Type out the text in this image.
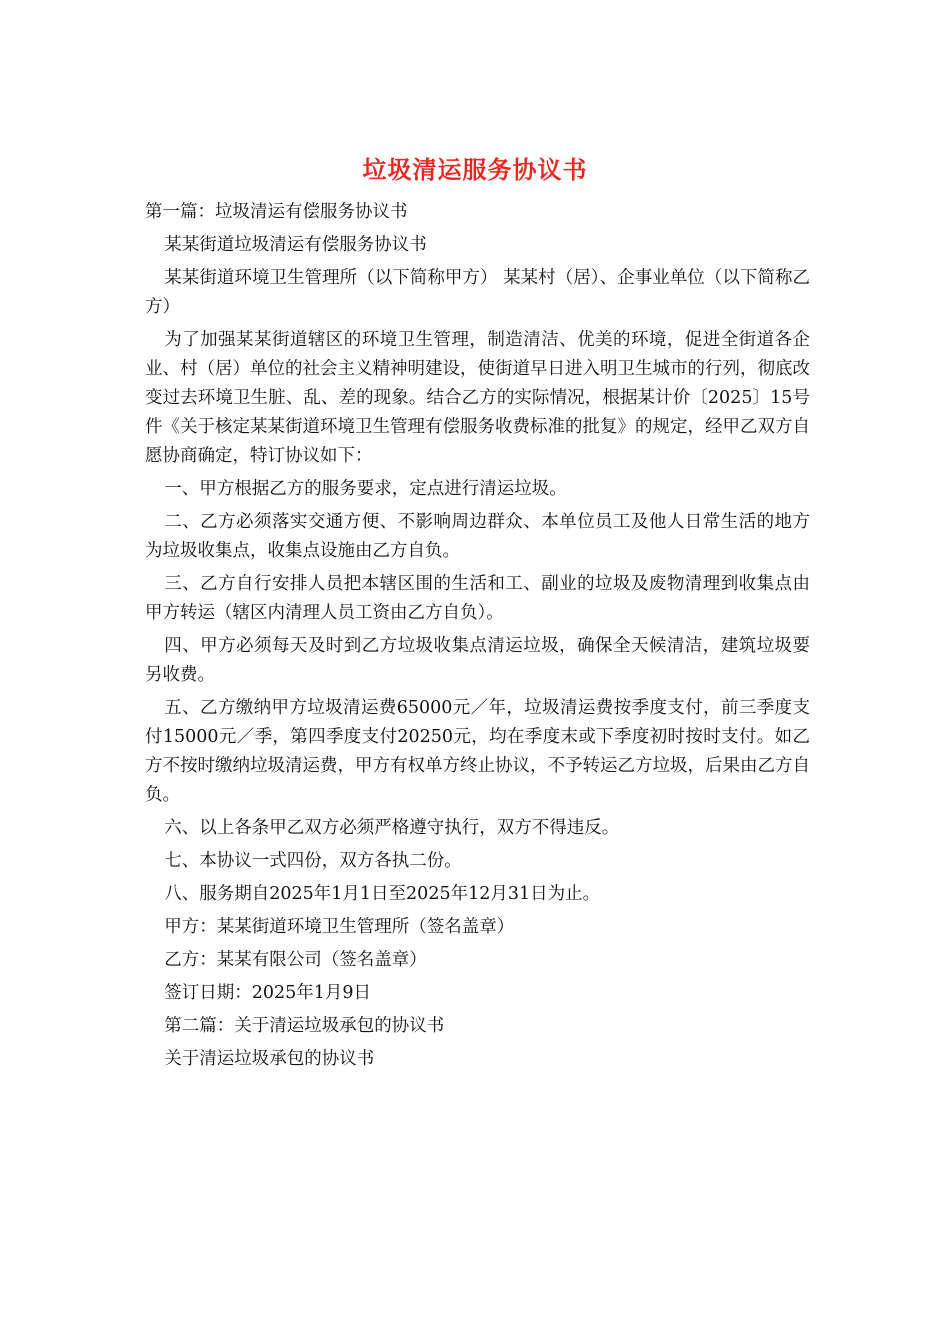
垃圾清运服务协议书

第一篇：垃圾清运有偿服务协议书

某某街道垃圾清运有偿服务协议书

某某街道环境卫生管理所（以下简称甲方） 某某村（居）、企事业单位（以下简称乙方）

为了加强某某街道辖区的环境卫生管理，制造清洁、优美的环境，促进全街道各企业、村（居）单位的社会主义精神明建设，使街道早日进入明卫生城市的行列，彻底改变过去环境卫生脏、乱、差的现象。结合乙方的实际情况，根据某计价〔2025〕15号件《关于核定某某街道环境卫生管理有偿服务收费标准的批复》的规定，经甲乙双方自愿协商确定，特订协议如下：

一、甲方根据乙方的服务要求，定点进行清运垃圾。

二、乙方必须落实交通方便、不影响周边群众、本单位员工及他人日常生活的地方为垃圾收集点，收集点设施由乙方自负。

三、乙方自行安排人员把本辖区围的生活和工、副业的垃圾及废物清理到收集点由甲方转运（辖区内清理人员工资由乙方自负）。

四、甲方必须每天及时到乙方垃圾收集点清运垃圾，确保全天候清洁，建筑垃圾要另收费。

五、乙方缴纳甲方垃圾清运费65000元／年，垃圾清运费按季度支付，前三季度支付15000元／季，第四季度支付20250元，均在季度末或下季度初时按时支付。如乙方不按时缴纳垃圾清运费，甲方有权单方终止协议，不予转运乙方垃圾，后果由乙方自负。

六、以上各条甲乙双方必须严格遵守执行，双方不得违反。

七、本协议一式四份，双方各执二份。

八、服务期自2025年1月1日至2025年12月31日为止。

甲方：某某街道环境卫生管理所（签名盖章）

乙方：某某有限公司（签名盖章）

签订日期：2025年1月9日

第二篇：关于清运垃圾承包的协议书

关于清运垃圾承包的协议书
